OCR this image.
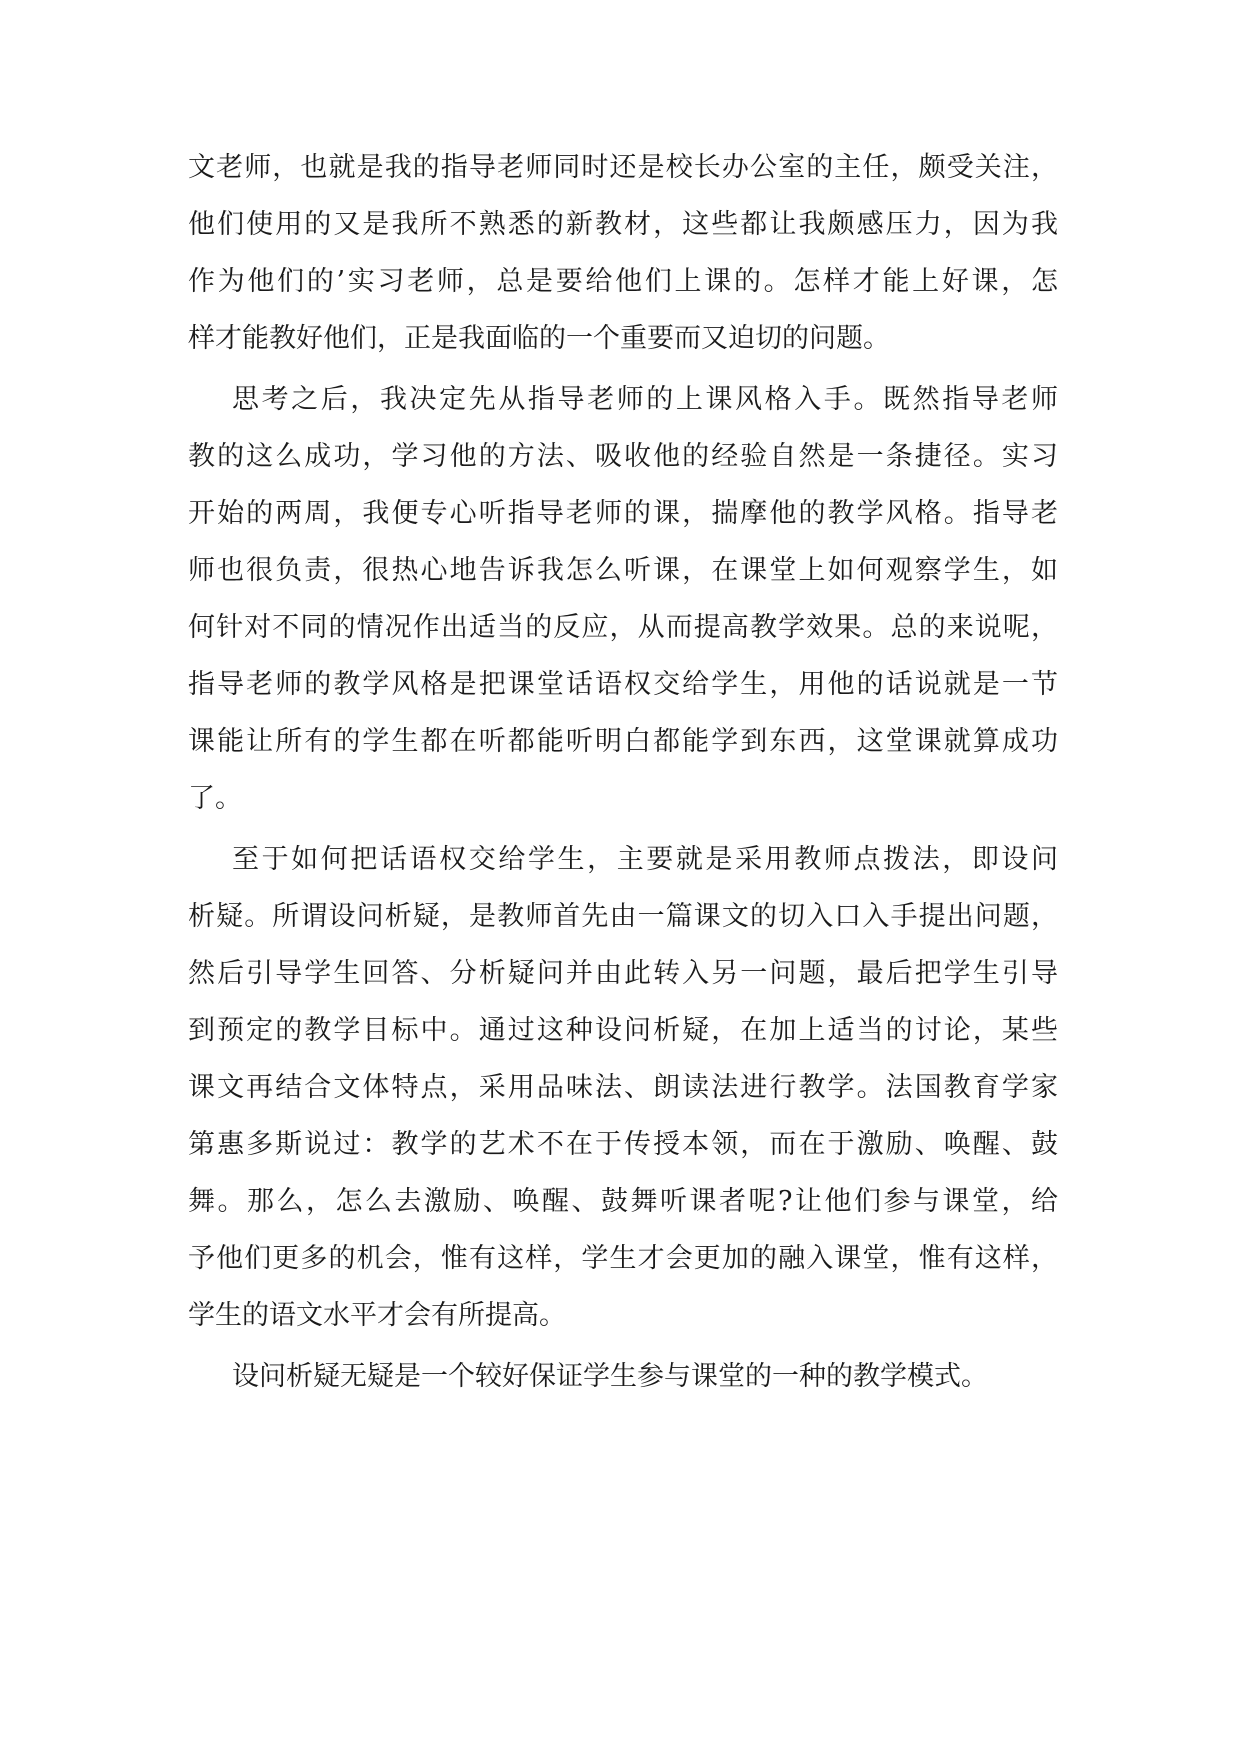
文老师，也就是我的指导老师同时还是校长办公室的主任，颇受关注，
他们使用的又是我所不熟悉的新教材，这些都让我颇感压力，因为我
作为他们的’实习老师，总是要给他们上课的。怎样才能上好课，怎
样才能教好他们，正是我面临的一个重要而又迫切的问题。
思考之后，我决定先从指导老师的上课风格入手。既然指导老师
教的这么成功，学习他的方法、吸收他的经验自然是一条捷径。实习
开始的两周，我便专心听指导老师的课，揣摩他的教学风格。指导老
师也很负责，很热心地告诉我怎么听课，在课堂上如何观察学生，如
何针对不同的情况作出适当的反应，从而提高教学效果。总的来说呢，
指导老师的教学风格是把课堂话语权交给学生，用他的话说就是一节
课能让所有的学生都在听都能听明白都能学到东西，这堂课就算成功
了。
至于如何把话语权交给学生，主要就是采用教师点拨法，即设问
析疑。所谓设问析疑，是教师首先由一篇课文的切入口入手提出问题，
然后引导学生回答、分析疑问并由此转入另一问题，最后把学生引导
到预定的教学目标中。通过这种设问析疑，在加上适当的讨论，某些
课文再结合文体特点，采用品味法、朗读法进行教学。法国教育学家
第惠多斯说过：教学的艺术不在于传授本领，而在于激励、唤醒、鼓
舞。那么，怎么去激励、唤醒、鼓舞听课者呢?让他们参与课堂，给
予他们更多的机会，惟有这样，学生才会更加的融入课堂，惟有这样，
学生的语文水平才会有所提高。
设问析疑无疑是一个较好保证学生参与课堂的一种的教学模式。
